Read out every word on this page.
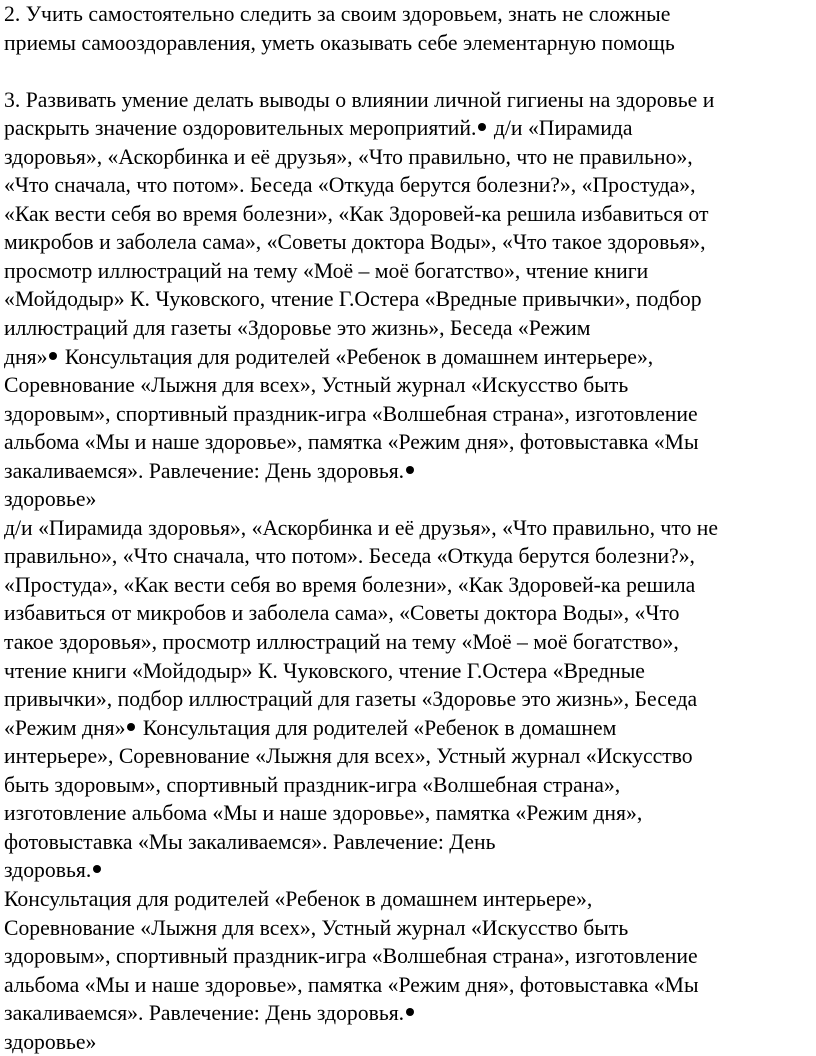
2. Учить самостоятельно следить за своим здоровьем, знать не сложные
приемы самооздоравления, уметь оказывать себе элементарную помощь
3. Развивать умение делать выводы о влиянии личной гигиены на здоровье и
раскрыть значение оздоровительных мероприятий. д/и «Пирамида
здоровья», «Аскорбинка и её друзья», «Что правильно, что не правильно»,
«Что сначала, что потом». Беседа «Откуда берутся болезни?», «Простуда»,
«Как вести себя во время болезни», «Как Здоровей-ка решила избавиться от
микробов и заболела сама», «Советы доктора Воды», «Что такое здоровья»,
просмотр иллюстраций на тему «Моё – моё богатство», чтение книги
«Мойдодыр» К. Чуковского, чтение Г.Остера «Вредные привычки», подбор
иллюстраций для газеты «Здоровье это жизнь», Беседа «Режим
дня» Консультация для родителей «Ребенок в домашнем интерьере»,
Соревнование «Лыжня для всех», Устный журнал «Искусство быть
здоровым», спортивный праздник-игра «Волшебная страна», изготовление
альбома «Мы и наше здоровье», памятка «Режим дня», фотовыставка «Мы
закаливаемся». Равлечение: День здоровья.
здоровье»
д/и «Пирамида здоровья», «Аскорбинка и её друзья», «Что правильно, что не
правильно», «Что сначала, что потом». Беседа «Откуда берутся болезни?»,
«Простуда», «Как вести себя во время болезни», «Как Здоровей-ка решила
избавиться от микробов и заболела сама», «Советы доктора Воды», «Что
такое здоровья», просмотр иллюстраций на тему «Моё – моё богатство»,
чтение книги «Мойдодыр» К. Чуковского, чтение Г.Остера «Вредные
привычки», подбор иллюстраций для газеты «Здоровье это жизнь», Беседа
«Режим дня» Консультация для родителей «Ребенок в домашнем
интерьере», Соревнование «Лыжня для всех», Устный журнал «Искусство
быть здоровым», спортивный праздник-игра «Волшебная страна»,
изготовление альбома «Мы и наше здоровье», памятка «Режим дня»,
фотовыставка «Мы закаливаемся». Равлечение: День
здоровья.
Консультация для родителей «Ребенок в домашнем интерьере»,
Соревнование «Лыжня для всех», Устный журнал «Искусство быть
здоровым», спортивный праздник-игра «Волшебная страна», изготовление
альбома «Мы и наше здоровье», памятка «Режим дня», фотовыставка «Мы
закаливаемся». Равлечение: День здоровья.
здоровье»
